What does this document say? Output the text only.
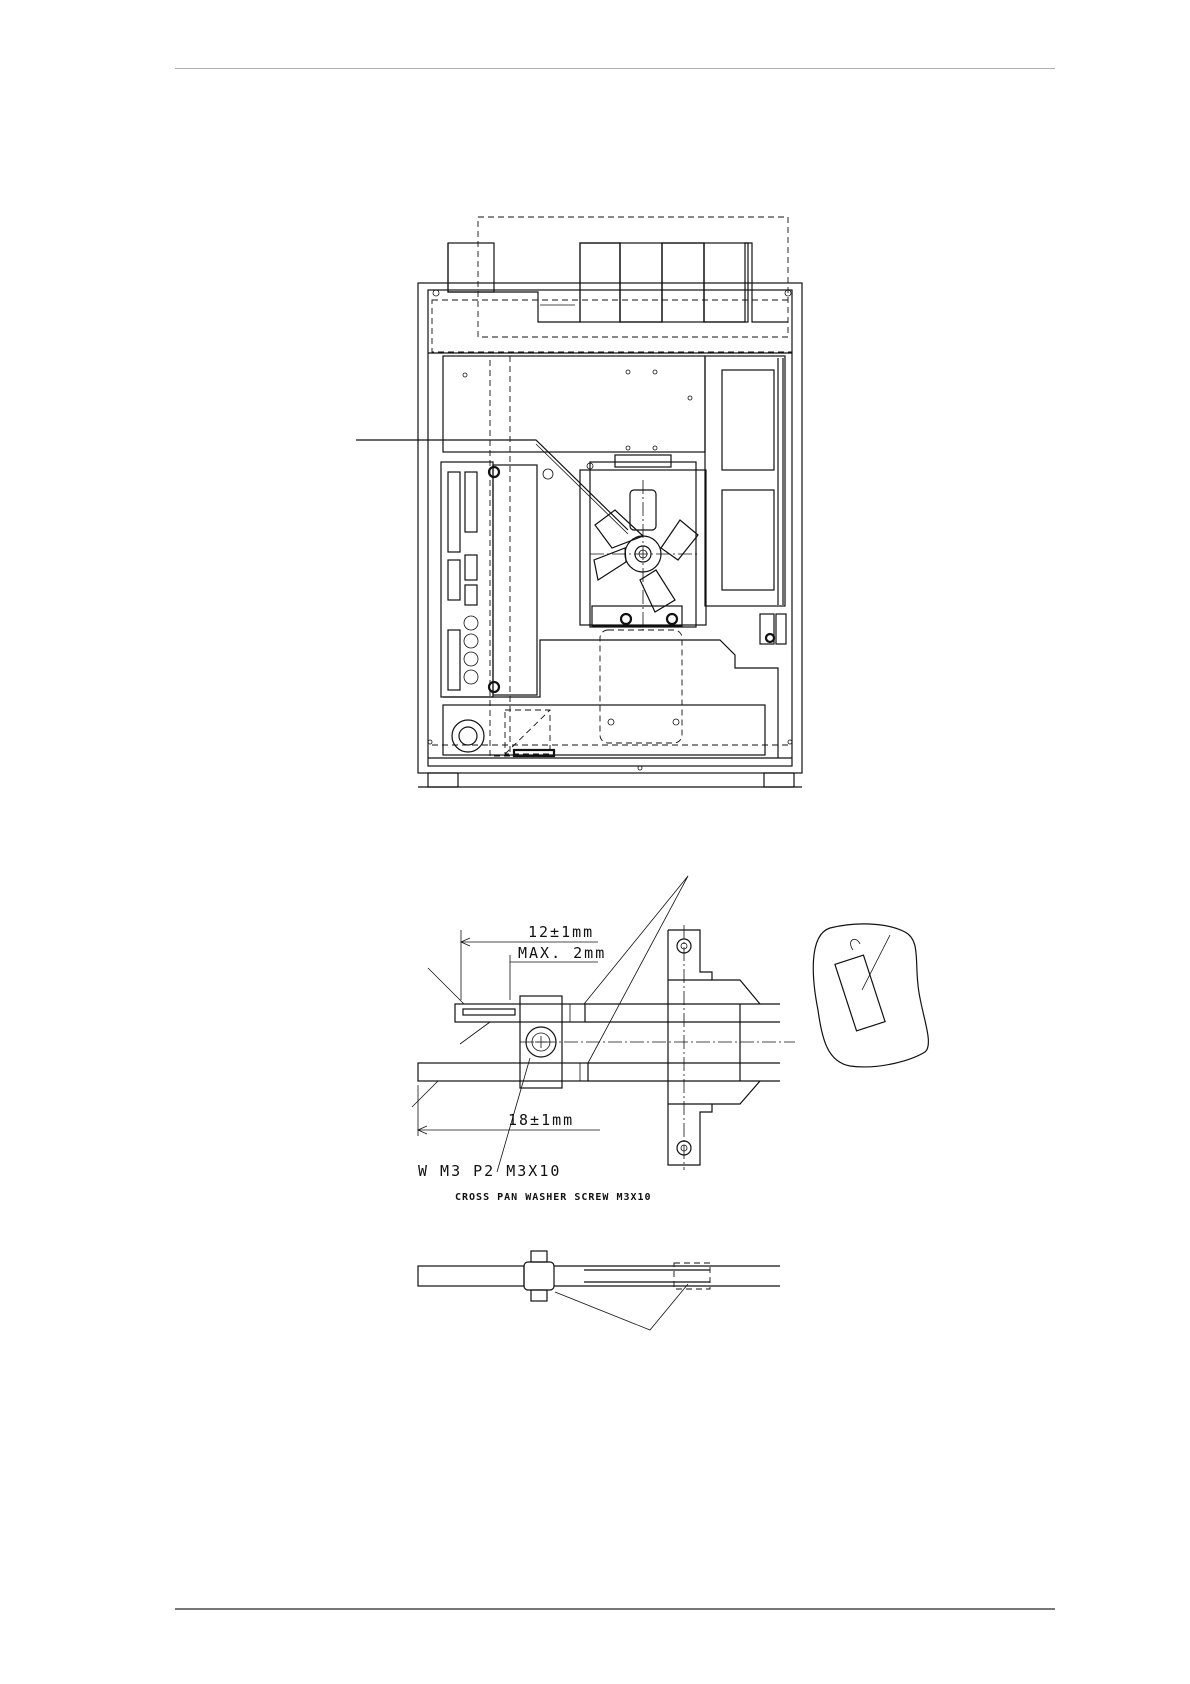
12±1mm
MAX. 2mm
18±1mm
W M3 P2 M3X10
CROSS PAN WASHER SCREW M3X10
